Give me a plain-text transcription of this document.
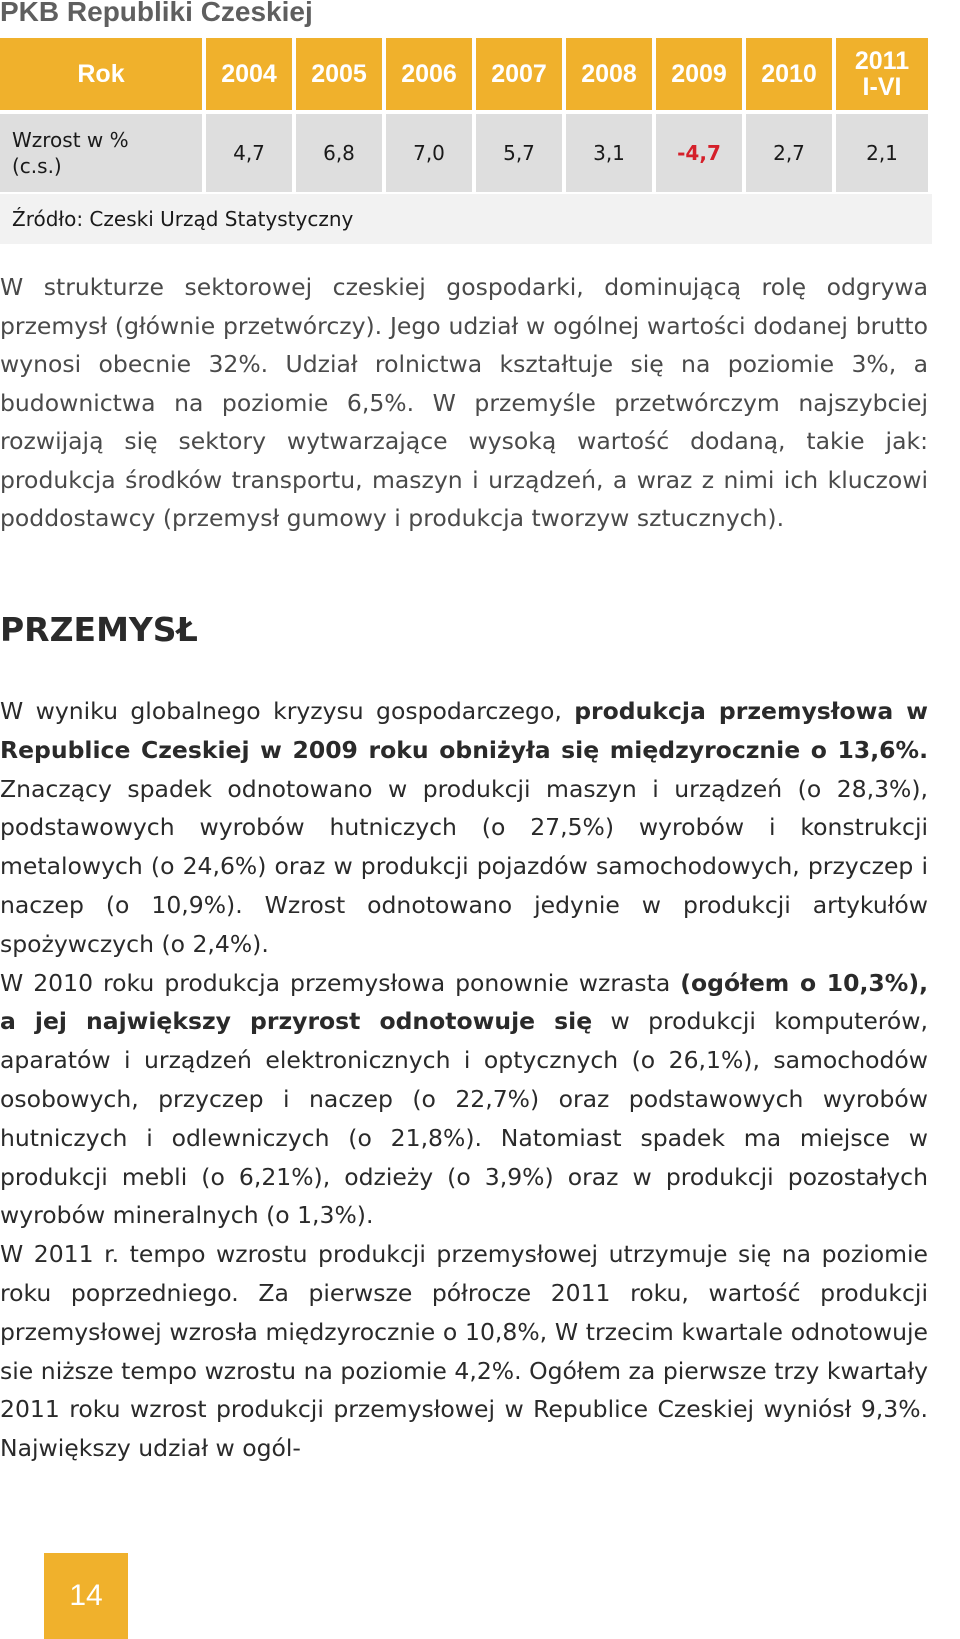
PKB Republiki Czeskiej
Rok	2004	2005	2006	2007	2008	2009	2010	2011
I-VI
Wzrost w %
(c.s.)	4,7	6,8	7,0	5,7	3,1	-4,7	2,7	2,1
Źródło: Czeski Urząd Statystyczny

W strukturze sektorowej czeskiej gospodarki, dominującą rolę odgrywa przemysł (głównie przetwórczy). Jego udział w ogólnej wartości dodanej brutto wynosi obecnie 32%. Udział rolnictwa kształtuje się na poziomie 3%, a budownictwa na poziomie 6,5%. W przemyśle przetwórczym najszybciej rozwijają się sektory wytwarzające wysoką wartość dodaną, takie jak: produkcja środków transportu, maszyn i urządzeń, a wraz z nimi ich kluczowi poddostawcy (przemysł gumowy i produkcja tworzyw sztucznych).

PRZEMYSŁ

W wyniku globalnego kryzysu gospodarczego, produkcja przemysłowa w Republice Czeskiej w 2009 roku obniżyła się międzyrocznie o 13,6%. Znaczący spadek odnotowano w produkcji maszyn i urządzeń (o 28,3%), podstawowych wyrobów hutniczych (o 27,5%) wyrobów i konstrukcji metalowych (o 24,6%) oraz w produkcji pojazdów samochodowych, przyczep i naczep (o 10,9%). Wzrost odnotowano jedynie w produkcji artykułów spożywczych (o 2,4%).
W 2010 roku produkcja przemysłowa ponownie wzrasta (ogółem o 10,3%), a jej największy przyrost odnotowuje się w produkcji komputerów, aparatów i urządzeń elektronicznych i optycznych (o 26,1%), samochodów osobowych, przyczep i naczep (o 22,7%) oraz podstawowych wyrobów hutniczych i odlewniczych (o 21,8%). Natomiast spadek ma miejsce w produkcji mebli (o 6,21%), odzieży (o 3,9%) oraz w produkcji pozostałych wyrobów mineralnych (o 1,3%).
W 2011 r. tempo wzrostu produkcji przemysłowej utrzymuje się na poziomie roku poprzedniego. Za pierwsze półrocze 2011 roku, wartość produkcji przemysłowej wzrosła międzyrocznie o 10,8%, W trzecim kwartale odnotowuje sie niższe tempo wzrostu na poziomie 4,2%. Ogółem za pierwsze trzy kwartały 2011 roku wzrost produkcji przemysłowej w Republice Czeskiej wyniósł 9,3%. Największy udział w ogól-

14
